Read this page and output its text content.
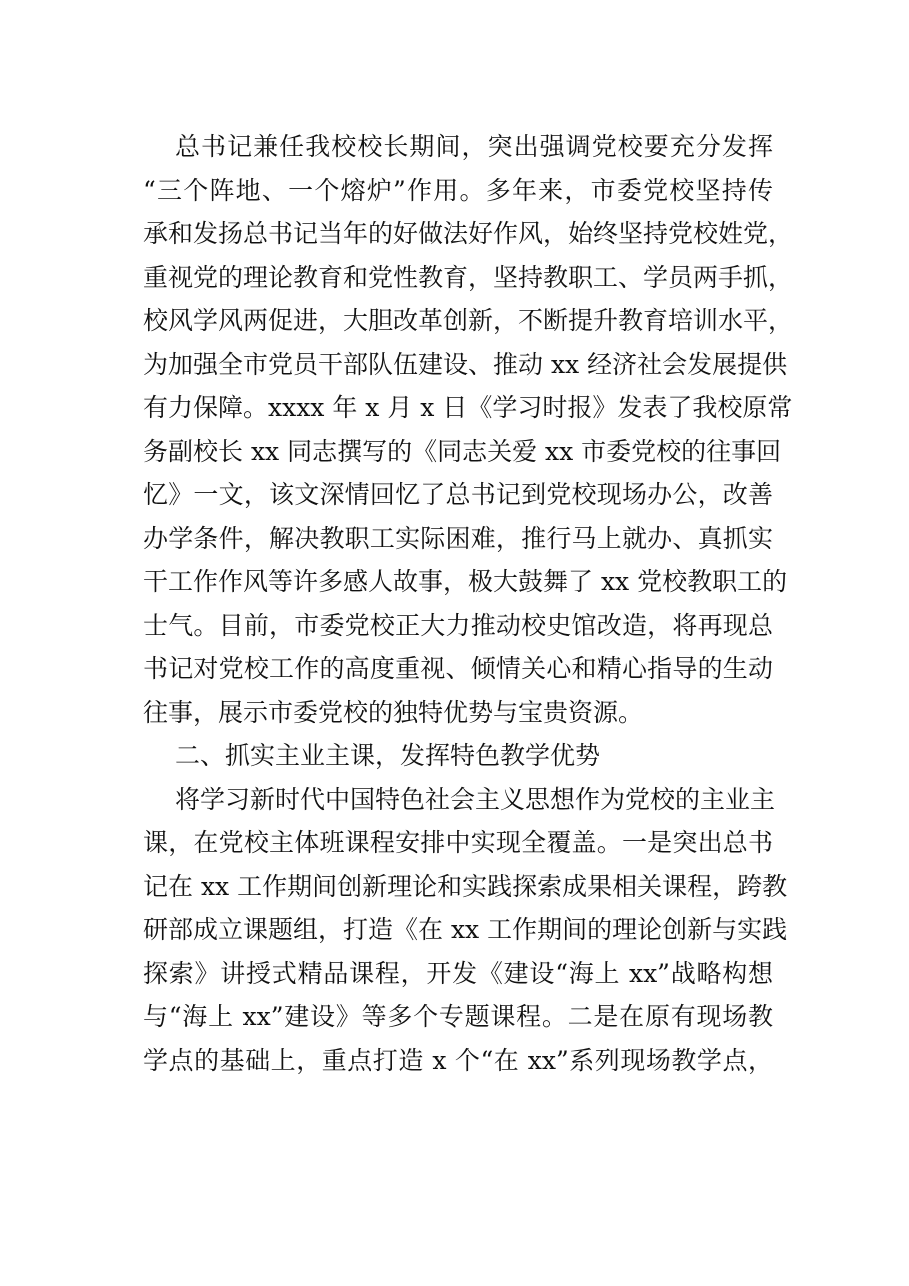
总书记兼任我校校长期间，突出强调党校要充分发挥
“三个阵地、一个熔炉”作用。多年来，市委党校坚持传
承和发扬总书记当年的好做法好作风，始终坚持党校姓党，
重视党的理论教育和党性教育，坚持教职工、学员两手抓，
校风学风两促进，大胆改革创新，不断提升教育培训水平，
为加强全市党员干部队伍建设、推动 xx 经济社会发展提供
有力保障。xxxx 年 x 月 x 日《学习时报》发表了我校原常
务副校长 xx 同志撰写的《同志关爱 xx 市委党校的往事回
忆》一文，该文深情回忆了总书记到党校现场办公，改善
办学条件，解决教职工实际困难，推行马上就办、真抓实
干工作作风等许多感人故事，极大鼓舞了 xx 党校教职工的
士气。目前，市委党校正大力推动校史馆改造，将再现总
书记对党校工作的高度重视、倾情关心和精心指导的生动
往事，展示市委党校的独特优势与宝贵资源。
二、抓实主业主课，发挥特色教学优势
将学习新时代中国特色社会主义思想作为党校的主业主
课，在党校主体班课程安排中实现全覆盖。一是突出总书
记在 xx 工作期间创新理论和实践探索成果相关课程，跨教
研部成立课题组，打造《在 xx 工作期间的理论创新与实践
探索》讲授式精品课程，开发《建设“海上 xx”战略构想
与“海上 xx”建设》等多个专题课程。二是在原有现场教
学点的基础上，重点打造 x 个“在 xx”系列现场教学点，
